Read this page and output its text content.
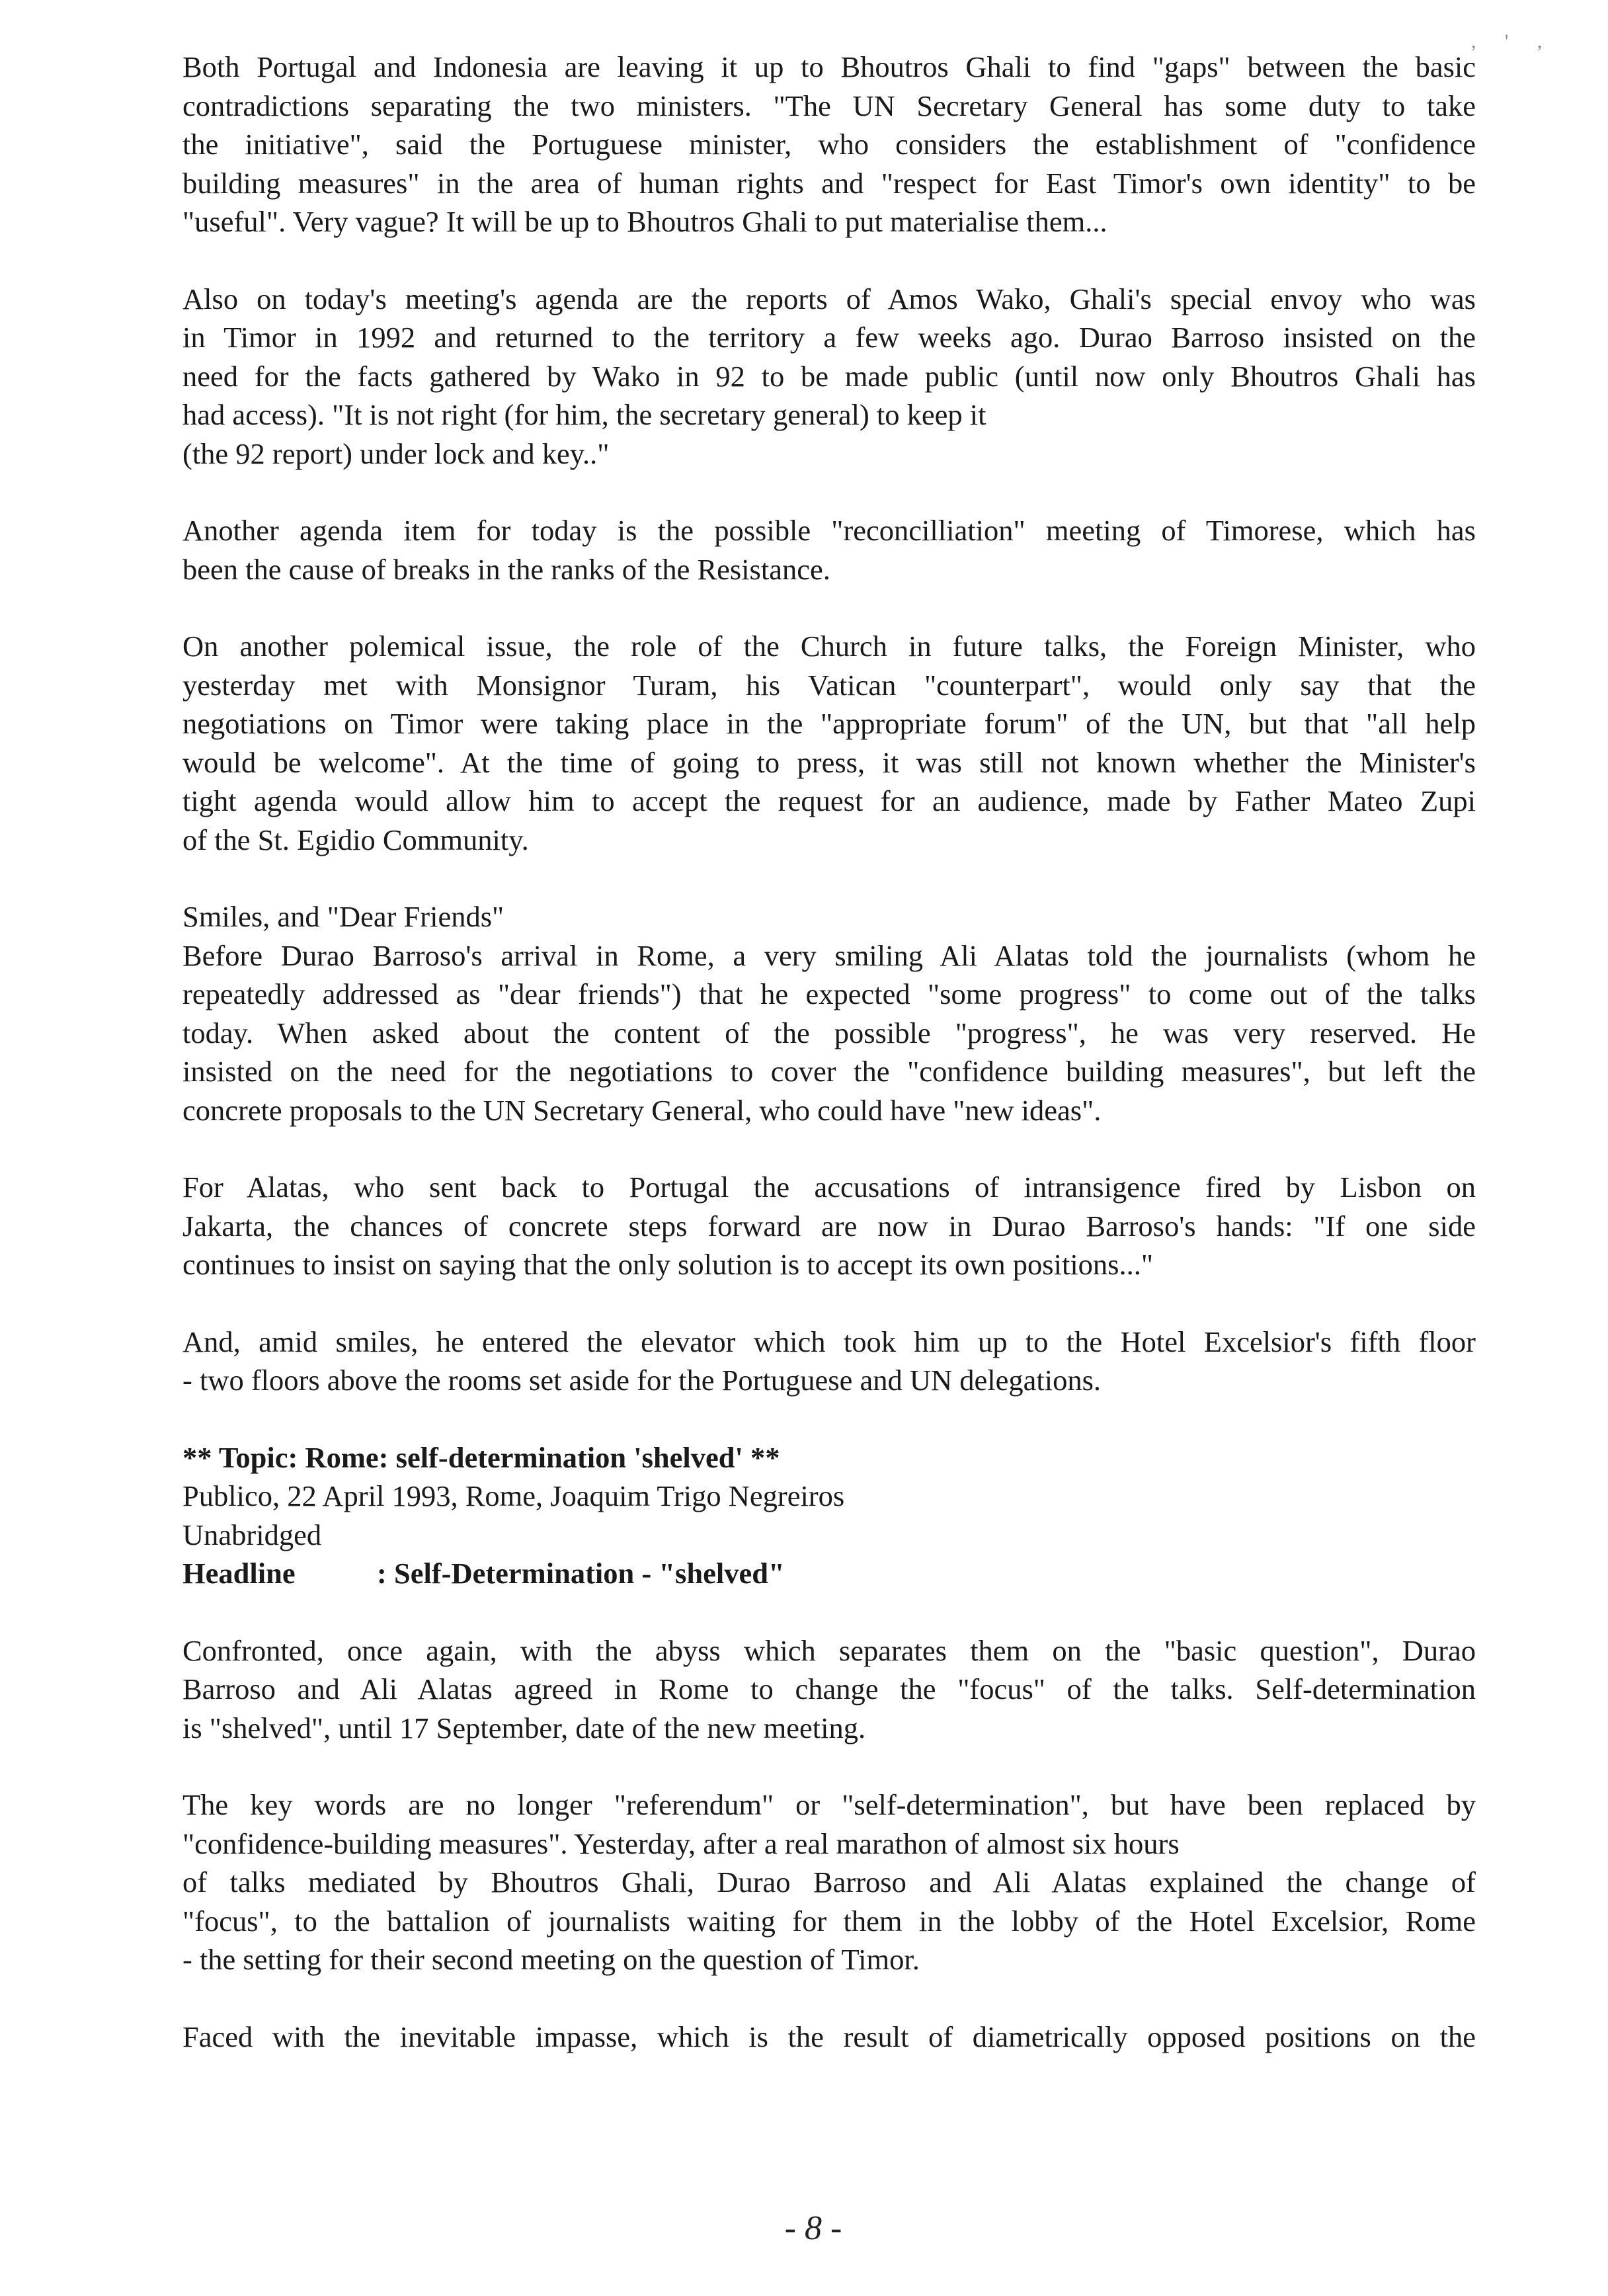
, ' ,
Both Portugal and Indonesia are leaving it up to Bhoutros Ghali to find "gaps" between the basic
contradictions separating the two ministers. "The UN Secretary General has some duty to take
the initiative", said the Portuguese minister, who considers the establishment of "confidence
building measures" in the area of human rights and "respect for East Timor's own identity" to be
"useful". Very vague? It will be up to Bhoutros Ghali to put materialise them...
Also on today's meeting's agenda are the reports of Amos Wako, Ghali's special envoy who was
in Timor in 1992 and returned to the territory a few weeks ago. Durao Barroso insisted on the
need for the facts gathered by Wako in 92 to be made public (until now only Bhoutros Ghali has
had access). "It is not right (for him, the secretary general) to keep it
(the 92 report) under lock and key.."
Another agenda item for today is the possible "reconcilliation" meeting of Timorese, which has
been the cause of breaks in the ranks of the Resistance.
On another polemical issue, the role of the Church in future talks, the Foreign Minister, who
yesterday met with Monsignor Turam, his Vatican "counterpart", would only say that the
negotiations on Timor were taking place in the "appropriate forum" of the UN, but that "all help
would be welcome". At the time of going to press, it was still not known whether the Minister's
tight agenda would allow him to accept the request for an audience, made by Father Mateo Zupi
of the St. Egidio Community.
Smiles, and "Dear Friends"
Before Durao Barroso's arrival in Rome, a very smiling Ali Alatas told the journalists (whom he
repeatedly addressed as "dear friends") that he expected "some progress" to come out of the talks
today. When asked about the content of the possible "progress", he was very reserved. He
insisted on the need for the negotiations to cover the "confidence building measures", but left the
concrete proposals to the UN Secretary General, who could have "new ideas".
For Alatas, who sent back to Portugal the accusations of intransigence fired by Lisbon on
Jakarta, the chances of concrete steps forward are now in Durao Barroso's hands: "If one side
continues to insist on saying that the only solution is to accept its own positions..."
And, amid smiles, he entered the elevator which took him up to the Hotel Excelsior's fifth floor
- two floors above the rooms set aside for the Portuguese and UN delegations.
** Topic: Rome: self-determination 'shelved' **
Publico, 22 April 1993, Rome, Joaquim Trigo Negreiros
Unabridged
Headline	: Self-Determination - "shelved"
Confronted, once again, with the abyss which separates them on the "basic question", Durao
Barroso and Ali Alatas agreed in Rome to change the "focus" of the talks. Self-determination
is "shelved", until 17 September, date of the new meeting.
The key words are no longer "referendum" or "self-determination", but have been replaced by
"confidence-building measures". Yesterday, after a real marathon of almost six hours
of talks mediated by Bhoutros Ghali, Durao Barroso and Ali Alatas explained the change of
"focus", to the battalion of journalists waiting for them in the lobby of the Hotel Excelsior, Rome
- the setting for their second meeting on the question of Timor.
Faced with the inevitable impasse, which is the result of diametrically opposed positions on the
- 8 -
